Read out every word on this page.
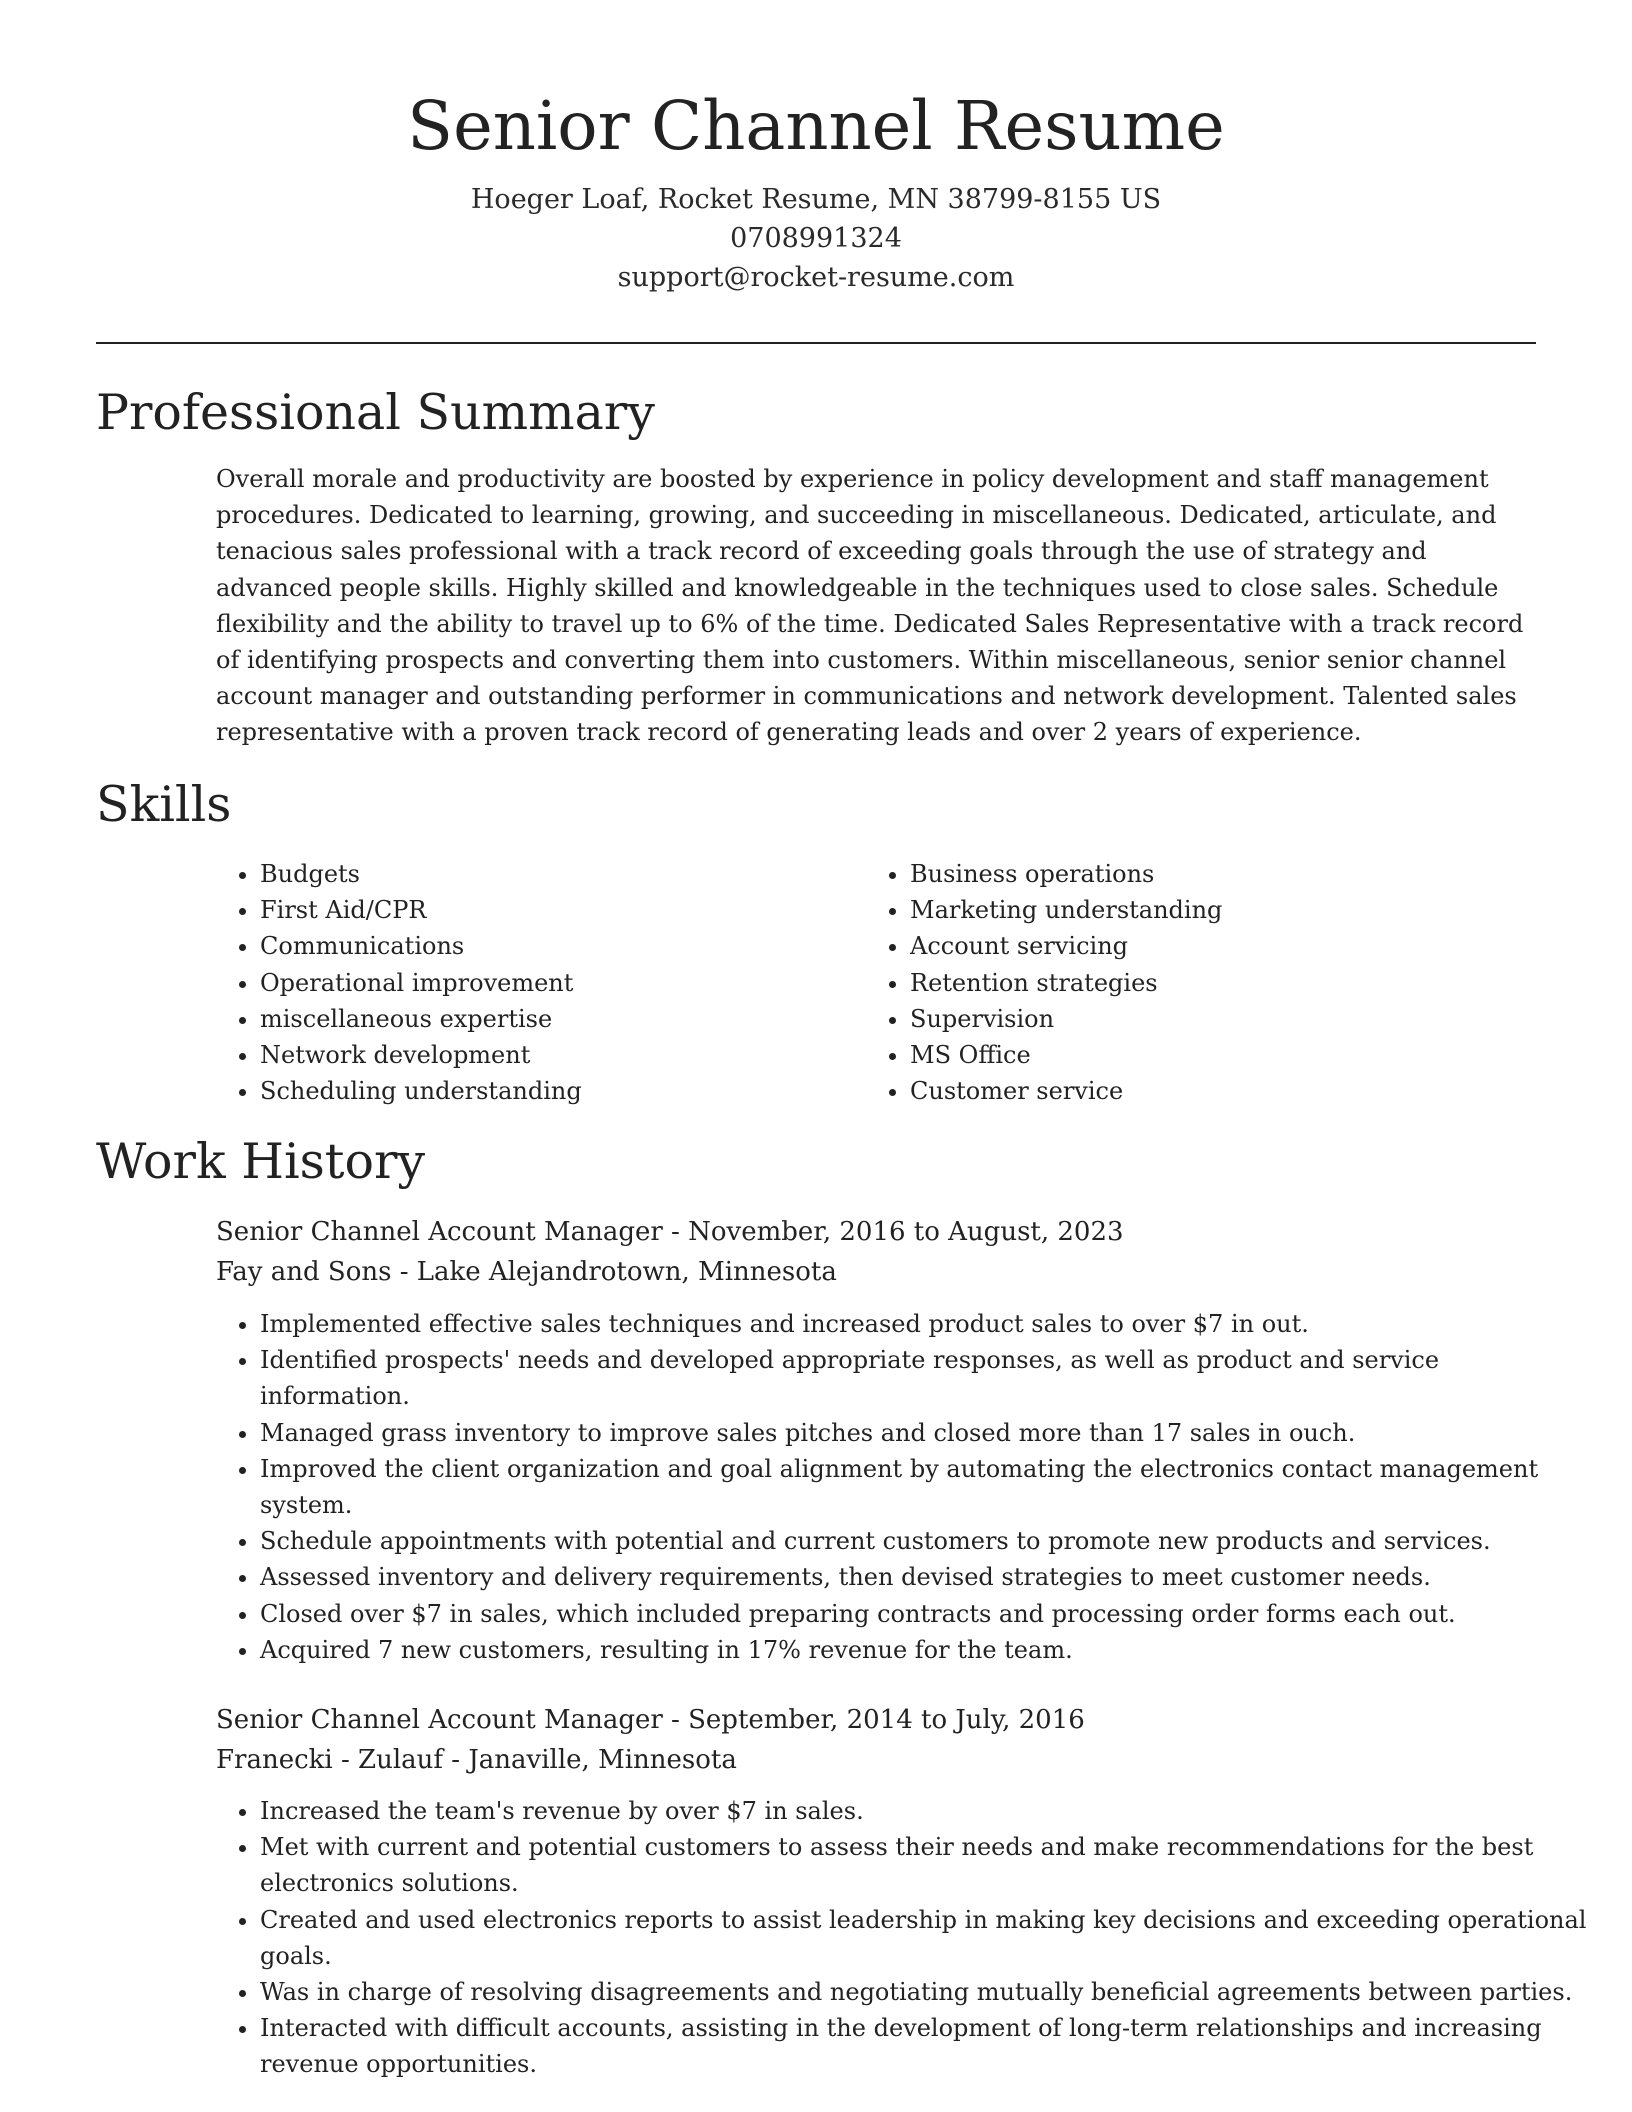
Senior Channel Resume
Hoeger Loaf, Rocket Resume, MN 38799-8155 US
0708991324
support@rocket-resume.com
Professional Summary

Overall morale and productivity are boosted by experience in policy development and staff management procedures. Dedicated to learning, growing, and succeeding in miscellaneous. Dedicated, articulate, and tenacious sales professional with a track record of exceeding goals through the use of strategy and advanced people skills. Highly skilled and knowledgeable in the techniques used to close sales. Schedule flexibility and the ability to travel up to 6% of the time. Dedicated Sales Representative with a track record of identifying prospects and converting them into customers. Within miscellaneous, senior senior channel account manager and outstanding performer in communications and network development. Talented sales representative with a proven track record of generating leads and over 2 years of experience.

Skills
• Budgets
• First Aid/CPR
• Communications
• Operational improvement
• miscellaneous expertise
• Network development
• Scheduling understanding
• Business operations
• Marketing understanding
• Account servicing
• Retention strategies
• Supervision
• MS Office
• Customer service
Work History
Senior Channel Account Manager - November, 2016 to August, 2023
Fay and Sons - Lake Alejandrotown, Minnesota
• Implemented effective sales techniques and increased product sales to over $7 in out.
• Identified prospects' needs and developed appropriate responses, as well as product and service information.
• Managed grass inventory to improve sales pitches and closed more than 17 sales in ouch.
• Improved the client organization and goal alignment by automating the electronics contact management system.
• Schedule appointments with potential and current customers to promote new products and services.
• Assessed inventory and delivery requirements, then devised strategies to meet customer needs.
• Closed over $7 in sales, which included preparing contracts and processing order forms each out.
• Acquired 7 new customers, resulting in 17% revenue for the team.
Senior Channel Account Manager - September, 2014 to July, 2016
Franecki - Zulauf - Janaville, Minnesota
• Increased the team's revenue by over $7 in sales.
• Met with current and potential customers to assess their needs and make recommendations for the best electronics solutions.
• Created and used electronics reports to assist leadership in making key decisions and exceeding operational goals.
• Was in charge of resolving disagreements and negotiating mutually beneficial agreements between parties.
• Interacted with difficult accounts, assisting in the development of long-term relationships and increasing revenue opportunities.
